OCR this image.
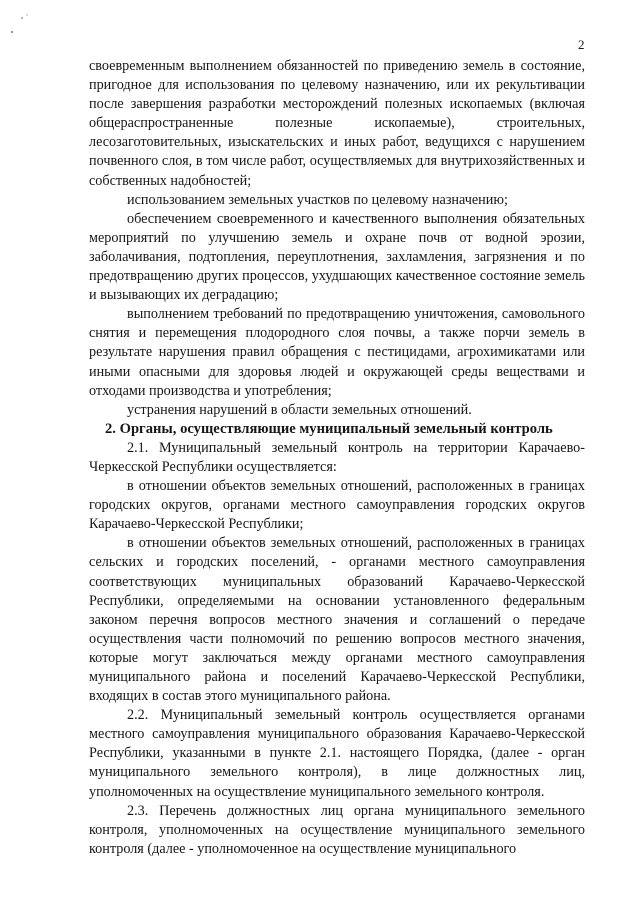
2

своевременным выполнением обязанностей по приведению земель в состояние, пригодное для использования по целевому назначению, или их рекультивации после завершения разработки месторождений полезных ископаемых (включая общераспространенные полезные ископаемые), строительных, лесозаготовительных, изыскательских и иных работ, ведущихся с нарушением почвенного слоя, в том числе работ, осуществляемых для внутрихозяйственных и собственных надобностей;

использованием земельных участков по целевому назначению;

обеспечением своевременного и качественного выполнения обязательных мероприятий по улучшению земель и охране почв от водной эрозии, заболачивания, подтопления, переуплотнения, захламления, загрязнения и по предотвращению других процессов, ухудшающих качественное состояние земель и вызывающих их деградацию;

выполнением требований по предотвращению уничтожения, самовольного снятия и перемещения плодородного слоя почвы, а также порчи земель в результате нарушения правил обращения с пестицидами, агрохимикатами или иными опасными для здоровья людей и окружающей среды веществами и отходами производства и употребления;

устранения нарушений в области земельных отношений.

2. Органы, осуществляющие муниципальный земельный контроль

2.1. Муниципальный земельный контроль на территории Карачаево-Черкесской Республики осуществляется:

в отношении объектов земельных отношений, расположенных в границах городских округов, органами местного самоуправления городских округов Карачаево-Черкесской Республики;

в отношении объектов земельных отношений, расположенных в границах сельских и городских поселений, - органами местного самоуправления соответствующих муниципальных образований Карачаево-Черкесской Республики, определяемыми на основании установленного федеральным законом перечня вопросов местного значения и соглашений о передаче осуществления части полномочий по решению вопросов местного значения, которые могут заключаться между органами местного самоуправления муниципального района и поселений Карачаево-Черкесской Республики, входящих в состав этого муниципального района.

2.2. Муниципальный земельный контроль осуществляется органами местного самоуправления муниципального образования Карачаево-Черкесской Республики, указанными в пункте 2.1. настоящего Порядка, (далее - орган муниципального земельного контроля), в лице должностных лиц, уполномоченных на осуществление муниципального земельного контроля.

2.3. Перечень должностных лиц органа муниципального земельного контроля, уполномоченных на осуществление муниципального земельного контроля (далее - уполномоченное на осуществление муниципального
